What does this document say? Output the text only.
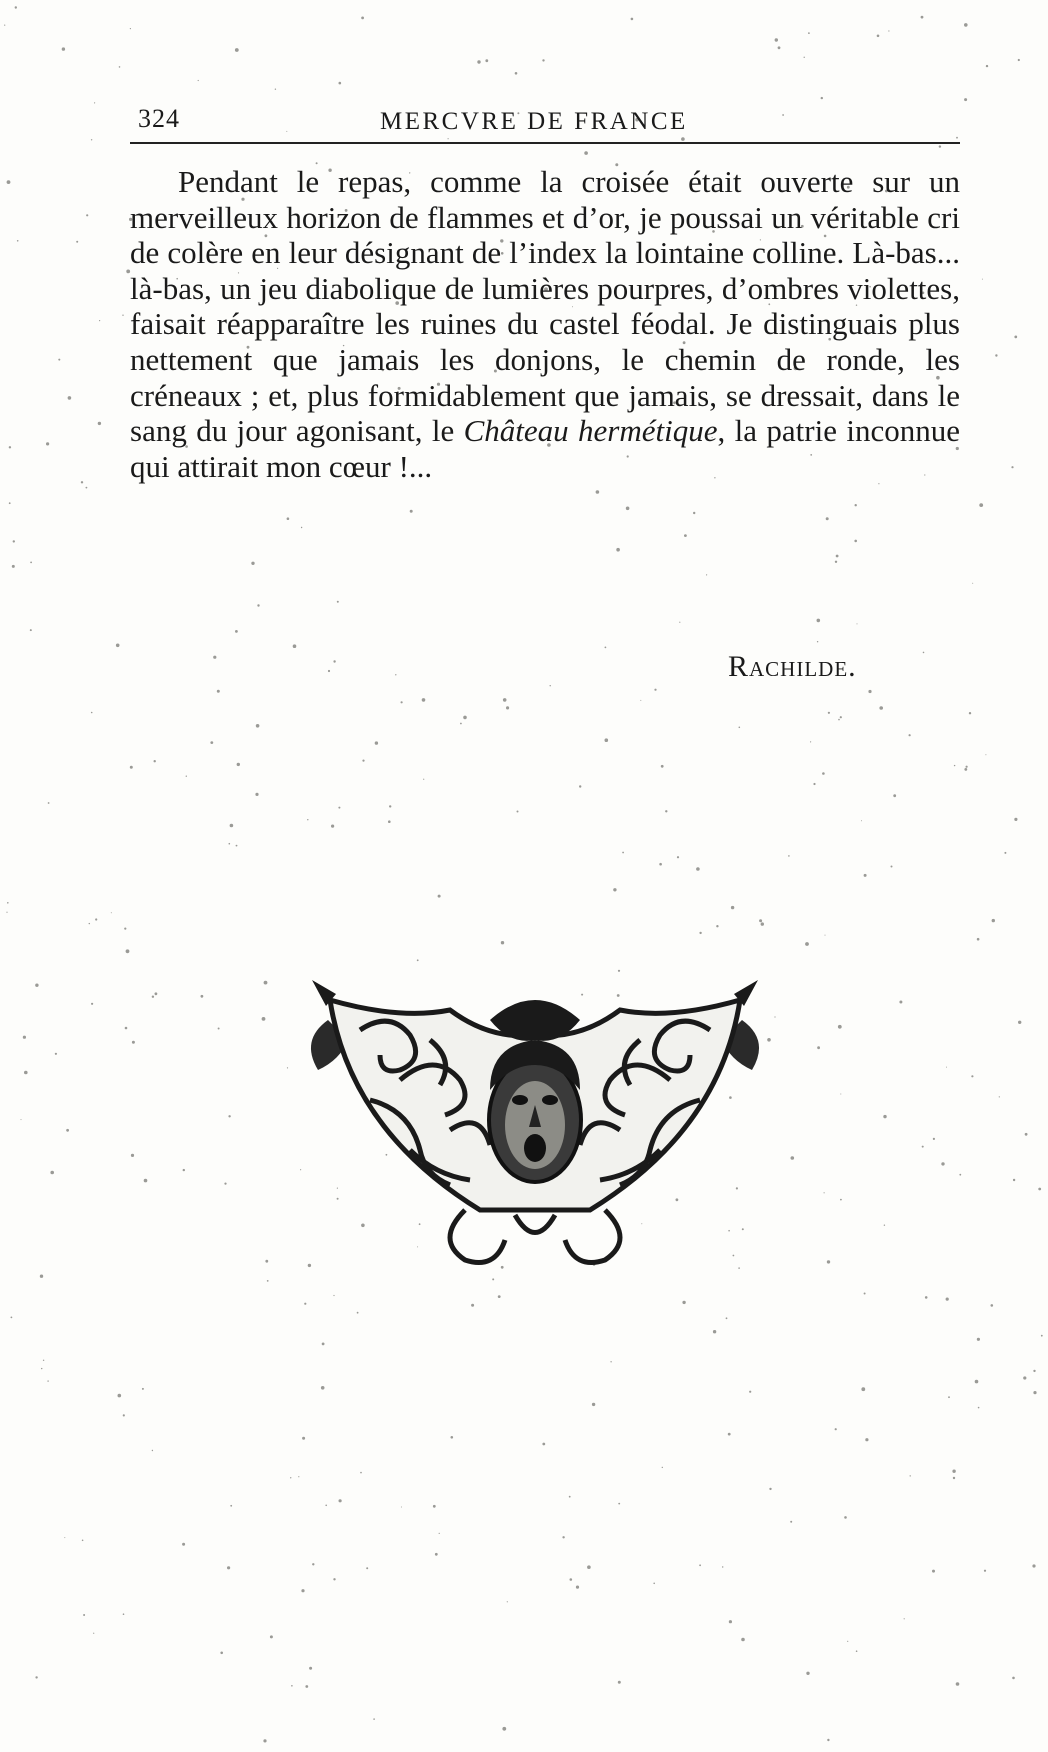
324	MERCVRE DE FRANCE

Pendant le repas, comme la croisée était ouverte sur un merveilleux horizon de flammes et d’or, je poussai un véritable cri de colère en leur désignant de l’index la lointaine colline. Là-bas... là-bas, un jeu diabolique de lumières pourpres, d’ombres violettes, faisait réapparaître les ruines du castel féodal. Je distinguais plus nettement que jamais les donjons, le chemin de ronde, les créneaux ; et, plus formidablement que jamais, se dressait, dans le sang du jour agonisant, le Château hermétique, la patrie inconnue qui attirait mon cœur !...

Rachilde.
